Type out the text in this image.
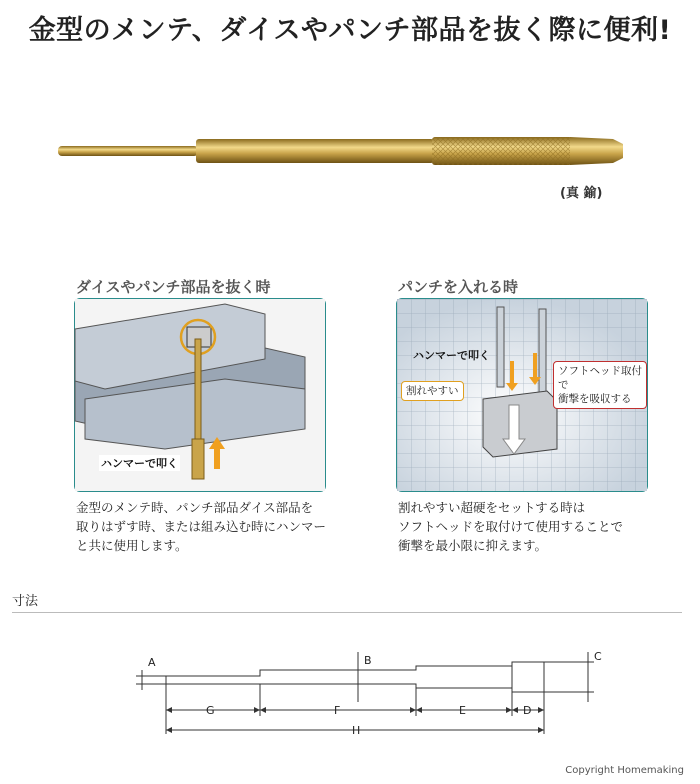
金型のメンテ、ダイスやパンチ部品を抜く際に便利!
(真 鍮)
ダイスやパンチ部品を抜く時
ハンマーで叩く
金型のメンテ時、パンチ部品ダイス部品を
取りはずす時、または組み込む時にハンマー
と共に使用します。
パンチを入れる時
ハンマーで叩く
割れやすい
ソフトヘッド取付で
衝撃を吸収する
割れやすい超硬をセットする時は
ソフトヘッドを取付けて使用することで
衝撃を最小限に抑えます。
寸法
A	B	C
G	F	E	D
H
Copyright Homemaking
